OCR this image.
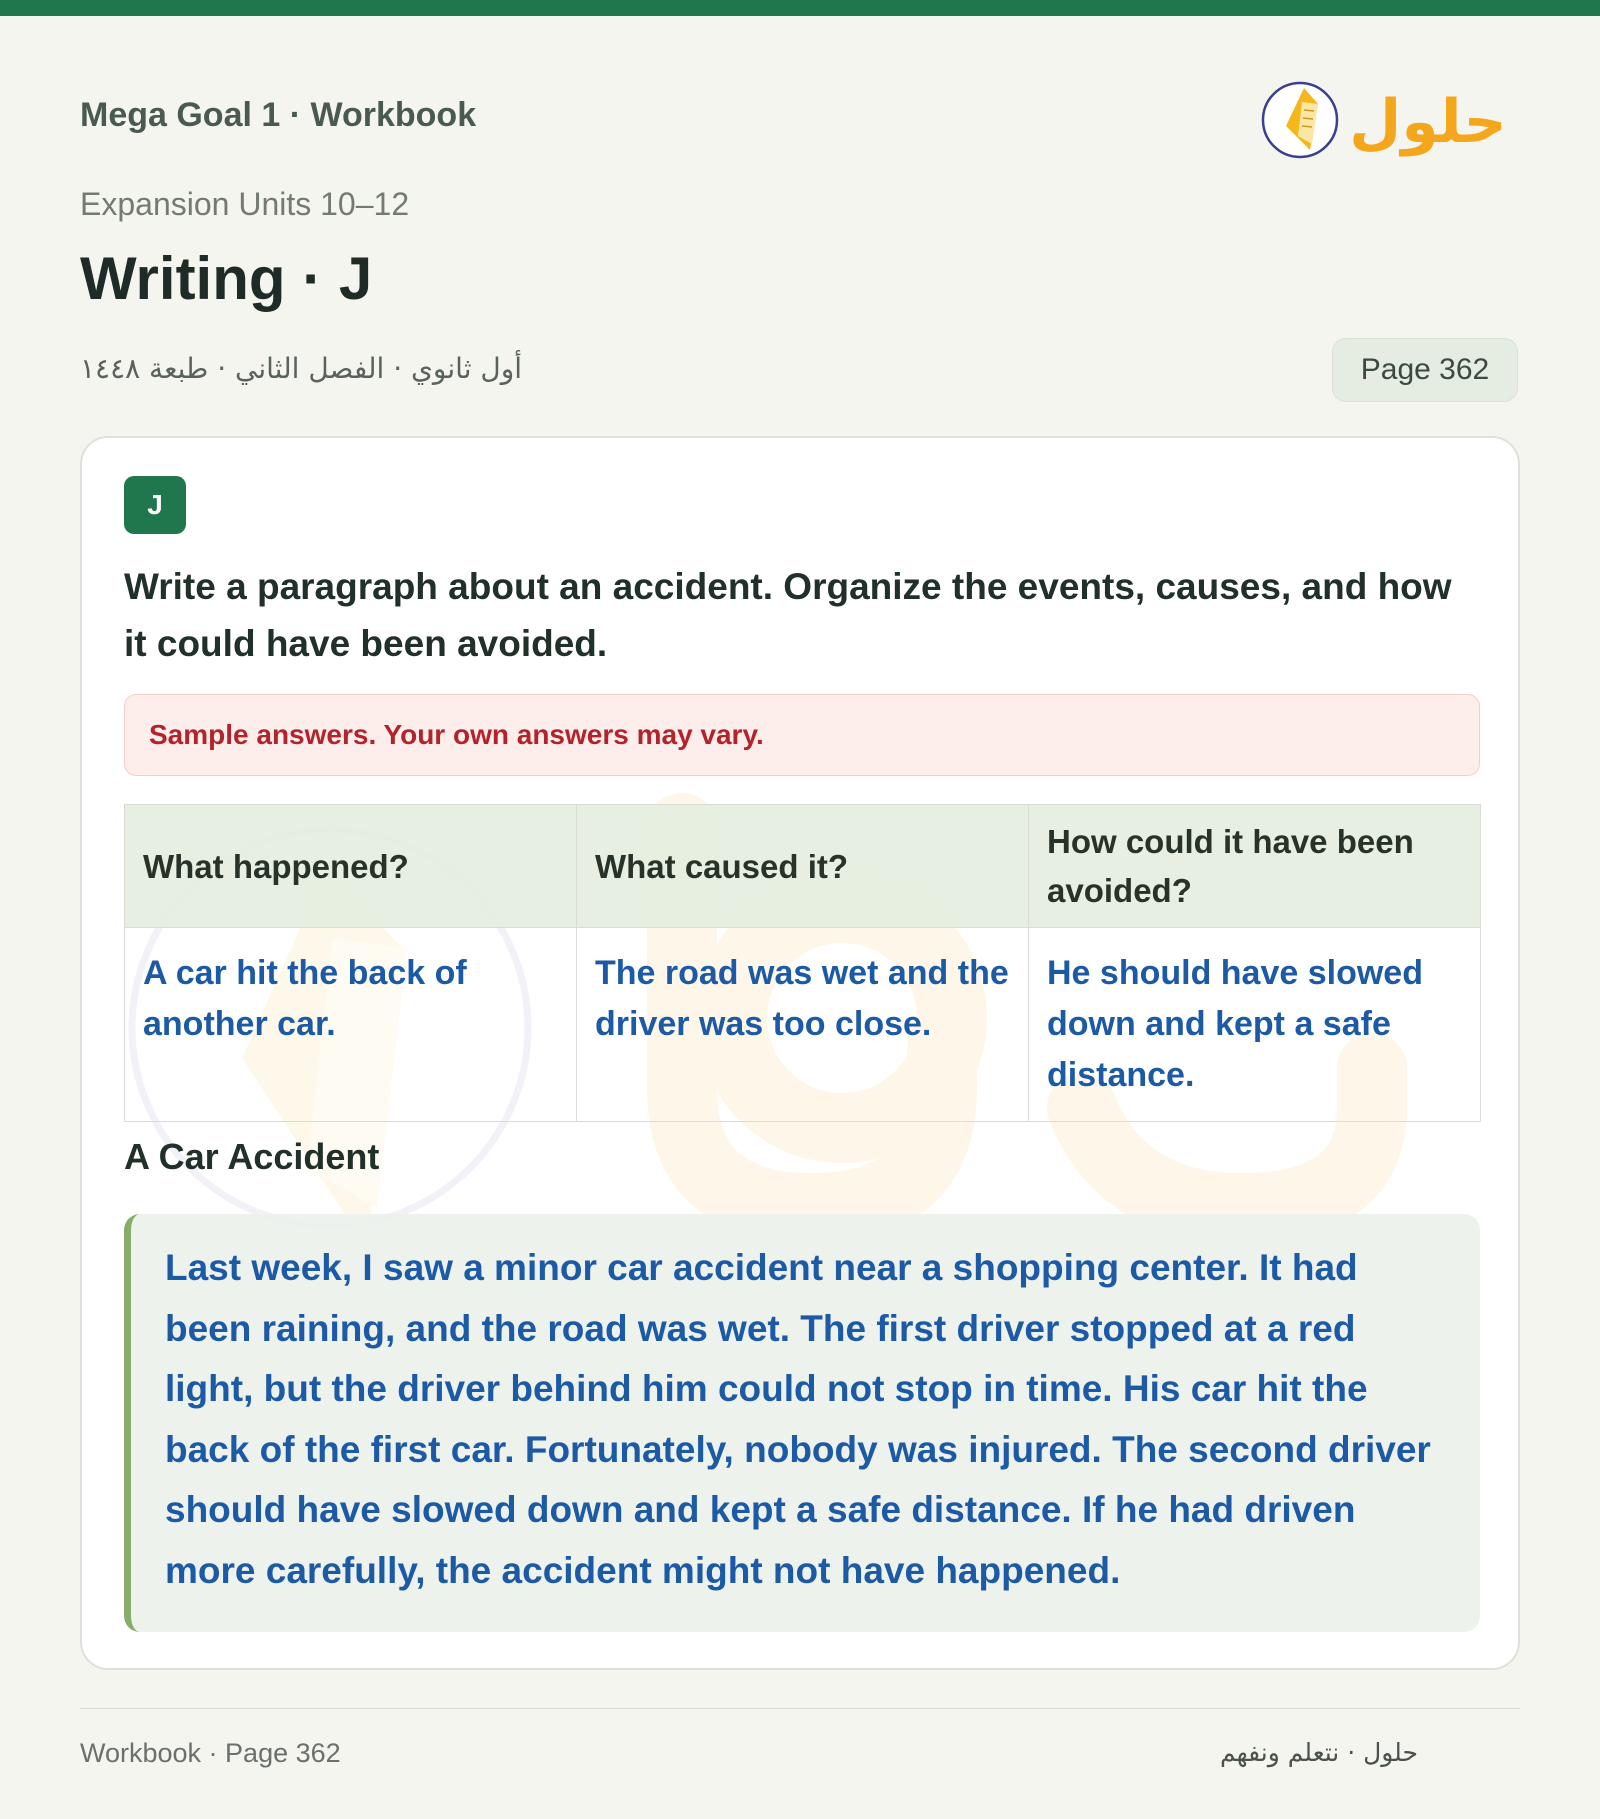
Mega Goal 1 · Workbook	حلول
Expansion Units 10–12
Writing · J
أول ثانوي · الفصل الثاني · طبعة ١٤٤٨	Page 362
J
Write a paragraph about an accident. Organize the events, causes, and how it could have been avoided.
Sample answers. Your own answers may vary.
What happened?	What caused it?	How could it have been avoided?
A car hit the back of another car.	The road was wet and the driver was too close.	He should have slowed down and kept a safe distance.
A Car Accident
Last week, I saw a minor car accident near a shopping center. It had been raining, and the road was wet. The first driver stopped at a red light, but the driver behind him could not stop in time. His car hit the back of the first car. Fortunately, nobody was injured. The second driver should have slowed down and kept a safe distance. If he had driven more carefully, the accident might not have happened.
Workbook · Page 362	حلول · نتعلم ونفهم
